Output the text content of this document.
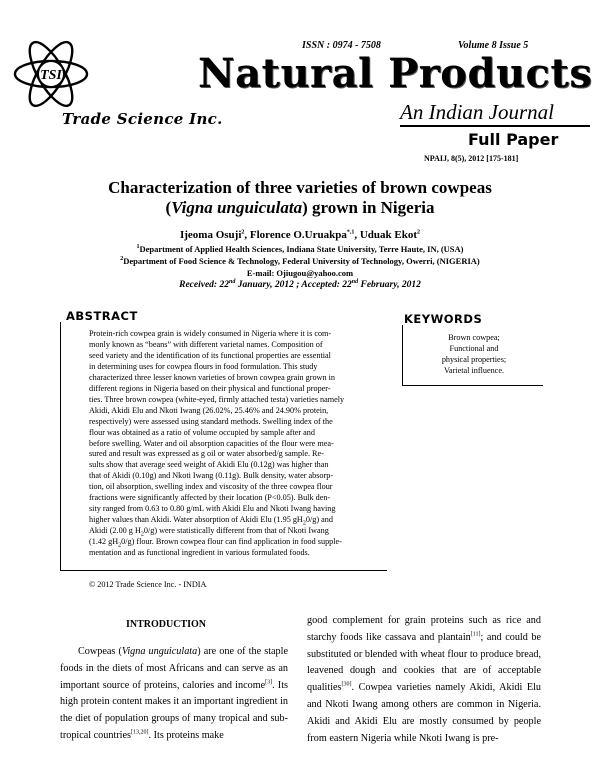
ISSN : 0974 - 7508	Volume 8 Issue 5
TSI
Trade Science Inc.
Natural Products
An Indian Journal
Full Paper
NPAIJ, 8(5), 2012 [175-181]
Characterization of three varieties of brown cowpeas
(Vigna unguiculata) grown in Nigeria
Ijeoma Osuji$^2$, Florence O.Uruakpa$^{*,1}$, Uduak Ekot$^2$
$^1$Department of Applied Health Sciences, Indiana State University, Terre Haute, IN, (USA)
$^2$Department of Food Science & Technology, Federal University of Technology, Owerri, (NIGERIA)
E-mail: Ojiugou@yahoo.com
Received: 22nd January, 2012 ; Accepted: 22nd February, 2012
ABSTRACT
Protein-rich cowpea grain is widely consumed in Nigeria where it is com-
monly known as “beans” with different varietal names. Composition of
seed variety and the identification of its functional properties are essential
in determining uses for cowpea flours in food formulation. This study
characterized three lesser known varieties of brown cowpea grain grown in
different regions in Nigeria based on their physical and functional proper-
ties. Three brown cowpea (white-eyed, firmly attached testa) varieties namely
Akidi, Akidi Elu and Nkoti Iwang (26.02%, 25.46% and 24.90% protein,
respectively) were assessed using standard methods. Swelling index of the
flour was obtained as a ratio of volume occupied by sample after and
before swelling. Water and oil absorption capacities of the flour were mea-
sured and result was expressed as g oil or water absorbed/g sample. Re-
sults show that average seed weight of Akidi Elu (0.12g) was higher than
that of Akidi (0.10g) and Nkoti Iwang (0.11g). Bulk density, water absorp-
tion, oil absorption, swelling index and viscosity of the three cowpea flour
fractions were significantly affected by their location (P<0.05). Bulk den-
sity ranged from 0.63 to 0.80 g/mL with Akidi Elu and Nkoti Iwang having
higher values than Akidi. Water absorption of Akidi Elu (1.95 $gH_20/g$) and
Akidi (2.00 g $H_20/g$) were statistically different from that of Nkoti Iwang
(1.42 $gH_20/g$) flour. Brown cowpea flour can find application in food supple-
mentation and as functional ingredient in various formulated foods.
© 2012 Trade Science Inc. - INDIA
KEYWORDS
Brown cowpea;
Functional and
physical properties;
Varietal influence.
INTRODUCTION
Cowpeas (Vigna unguiculata) are one of the staple foods in the diets of most Africans and can serve as an important source of proteins, calories and income[3]. Its high protein content makes it an important ingredient in the diet of population groups of many tropical and sub-tropical countries[13,20]. Its proteins make
good complement for grain proteins such as rice and starchy foods like cassava and plantain[11]; and could be substituted or blended with wheat flour to produce bread, leavened dough and cookies that are of acceptable qualities[30]. Cowpea varieties namely Akidi, Akidi Elu and Nkoti Iwang among others are common in Nigeria. Akidi and Akidi Elu are mostly consumed by people from eastern Nigeria while Nkoti Iwang is pre-
